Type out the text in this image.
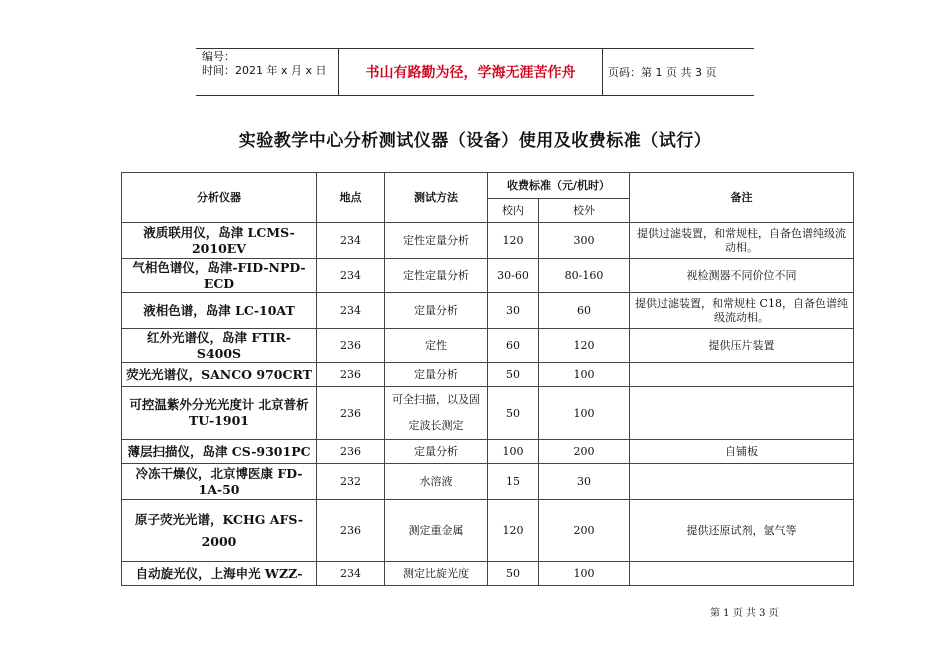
编号：
时间：2021 年 x 月 x 日	书山有路勤为径，学海无涯苦作舟	页码：第 1 页 共 3 页
实验教学中心分析测试仪器（设备）使用及收费标准（试行）
分析仪器	地点	测试方法	收费标准（元/机时）		备注
			校内	校外	
液质联用仪，岛津 LCMS-2010EV	234	定性定量分析	120	300	提供过滤装置，和常规柱，自备色谱纯级流动相。
气相色谱仪，岛津-FID-NPD-ECD	234	定性定量分析	30-60	80-160	视检测器不同价位不同
液相色谱，岛津 LC-10AT	234	定量分析	30	60	提供过滤装置，和常规柱 C18，自备色谱纯级流动相。
红外光谱仪，岛津 FTIR-S400S	236	定性	60	120	提供压片装置
荧光光谱仪，SANCO 970CRT	236	定量分析	50	100	
可控温紫外分光光度计 北京普析 TU-1901	236	可全扫描，以及固定波长测定	50	100	
薄层扫描仪，岛津 CS-9301PC	236	定量分析	100	200	自铺板
冷冻干燥仪，北京博医康 FD-1A-50	232	水溶液	15	30	
原子荧光光谱，KCHG AFS-2000	236	测定重金属	120	200	提供还原试剂，氩气等
自动旋光仪，上海申光 WZZ-	234	测定比旋光度	50	100	
第 1 页 共 3 页
